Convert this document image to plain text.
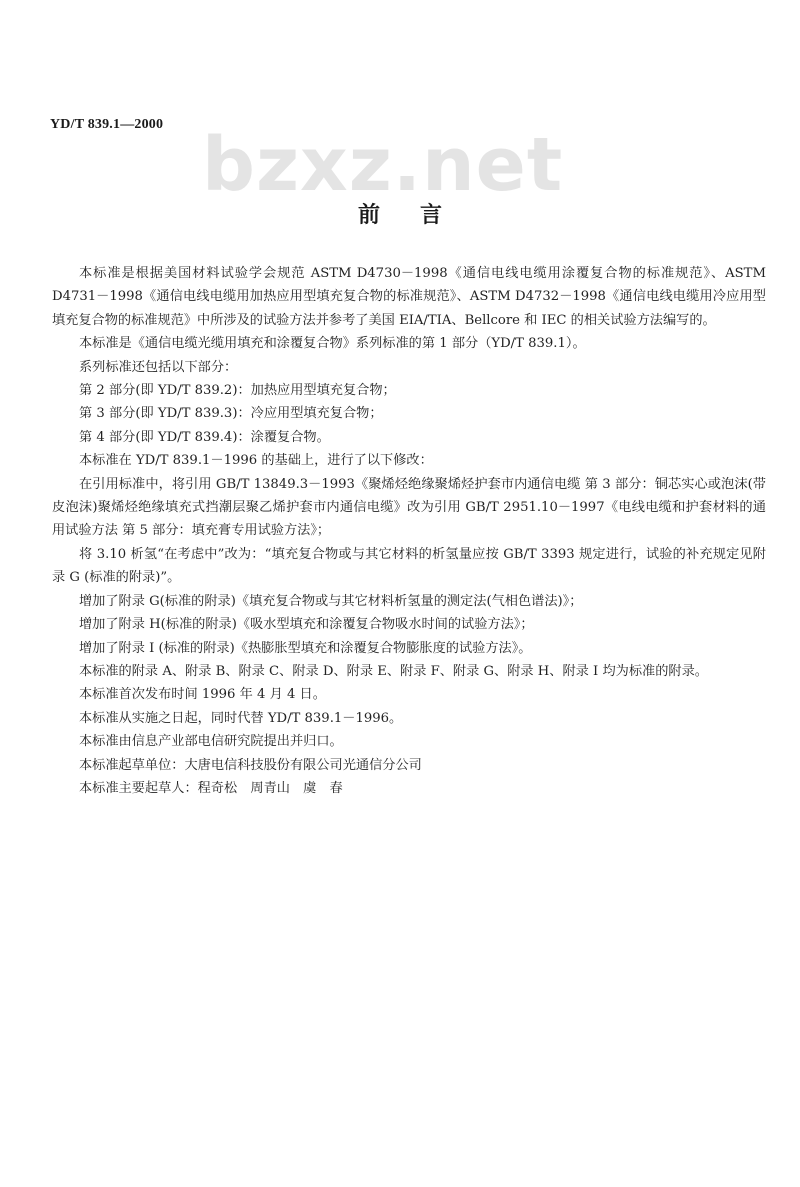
YD/T 839.1—2000 bzxz.net
前言

本标准是根据美国材料试验学会规范 ASTM D4730－1998《通信电线电缆用涂覆复合物的标准规范》、ASTM D4731－1998《通信电线电缆用加热应用型填充复合物的标准规范》、ASTM D4732－1998《通信电线电缆用冷应用型填充复合物的标准规范》中所涉及的试验方法并参考了美国 EIA/TIA、Bellcore 和 IEC 的相关试验方法编写的。

本标准是《通信电缆光缆用填充和涂覆复合物》系列标准的第 1 部分（YD/T 839.1）。

系列标准还包括以下部分：

第 2 部分(即 YD/T 839.2)：加热应用型填充复合物；

第 3 部分(即 YD/T 839.3)：冷应用型填充复合物；

第 4 部分(即 YD/T 839.4)：涂覆复合物。

本标准在 YD/T 839.1－1996 的基础上，进行了以下修改：

在引用标准中，将引用 GB/T 13849.3－1993《聚烯烃绝缘聚烯烃护套市内通信电缆 第 3 部分：铜芯实心或泡沫(带皮泡沫)聚烯烃绝缘填充式挡潮层聚乙烯护套市内通信电缆》改为引用 GB/T 2951.10－1997《电线电缆和护套材料的通用试验方法 第 5 部分：填充膏专用试验方法》；

将 3.10 析氢“在考虑中”改为：“填充复合物或与其它材料的析氢量应按 GB/T 3393 规定进行，试验的补充规定见附录 G (标准的附录)”。

增加了附录 G(标准的附录)《填充复合物或与其它材料析氢量的测定法(气相色谱法)》；

增加了附录 H(标准的附录)《吸水型填充和涂覆复合物吸水时间的试验方法》；

增加了附录 I (标准的附录)《热膨胀型填充和涂覆复合物膨胀度的试验方法》。

本标准的附录 A、附录 B、附录 C、附录 D、附录 E、附录 F、附录 G、附录 H、附录 I 均为标准的附录。

本标准首次发布时间 1996 年 4 月 4 日。

本标准从实施之日起，同时代替 YD/T 839.1－1996。

本标准由信息产业部电信研究院提出并归口。

本标准起草单位：大唐电信科技股份有限公司光通信分公司

本标准主要起草人：程奇松　周青山　虞　春
